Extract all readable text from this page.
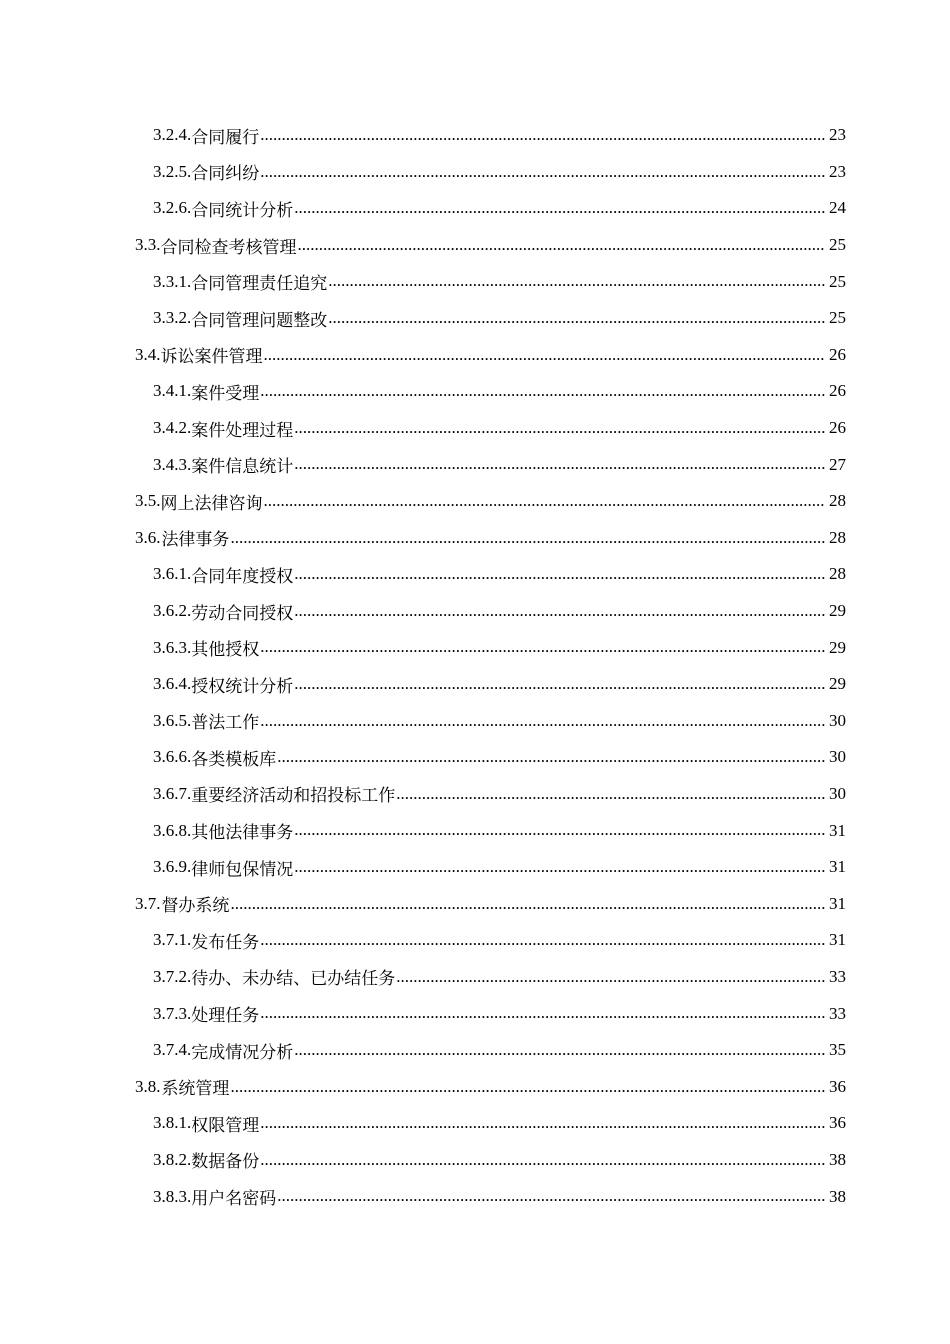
3.2.4. 合同履行 .....	23
3.2.5. 合同纠纷 .....	23
3.2.6. 合同统计分析 .....	24
3.3. 合同检查考核管理 .....	25
3.3.1. 合同管理责任追究 .....	25
3.3.2. 合同管理问题整改 .....	25
3.4. 诉讼案件管理 .....	26
3.4.1. 案件受理 .....	26
3.4.2. 案件处理过程 .....	26
3.4.3. 案件信息统计 .....	27
3.5. 网上法律咨询 .....	28
3.6. 法律事务 .....	28
3.6.1. 合同年度授权 .....	28
3.6.2. 劳动合同授权 .....	29
3.6.3. 其他授权 .....	29
3.6.4. 授权统计分析 .....	29
3.6.5. 普法工作 .....	30
3.6.6. 各类模板库 .....	30
3.6.7. 重要经济活动和招投标工作 .....	30
3.6.8. 其他法律事务 .....	31
3.6.9. 律师包保情况 .....	31
3.7. 督办系统 .....	31
3.7.1. 发布任务 .....	31
3.7.2. 待办、未办结、已办结任务 .....	33
3.7.3. 处理任务 .....	33
3.7.4. 完成情况分析 .....	35
3.8. 系统管理 .....	36
3.8.1. 权限管理 .....	36
3.8.2. 数据备份 .....	38
3.8.3. 用户名密码 .....	38
